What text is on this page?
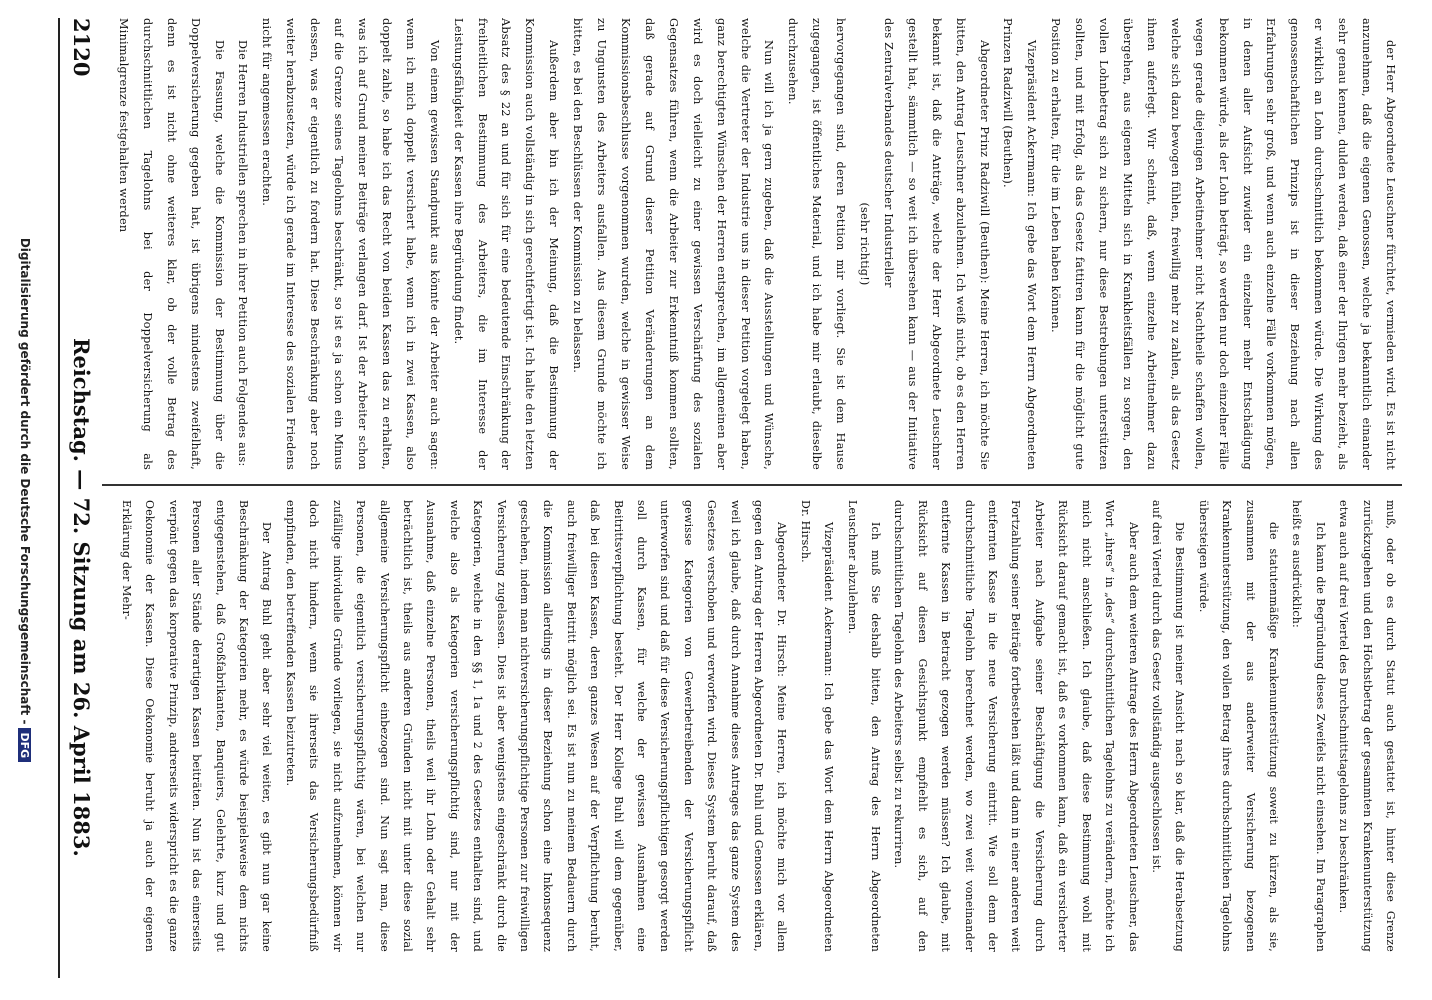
der Herr Abgeordnete Leuschner fürchtet, vermieden wird. Es ist nicht anzunehmen, daß die eigenen Genossen, welche ja bekanntlich einander sehr genau kennen, dulden werden, daß einer der Ihrigen mehr bezieht, als er wirklich an Lohn durchschnittlich bekommen würde. Die Wirkung des genossenschaftlichen Prinzips ist in dieser Beziehung nach allen Erfahrungen sehr groß, und wenn auch einzelne Fälle vorkommen mögen, in denen aller Aufsicht zuwider ein einzelner mehr Entschädigung bekommen würde, als der Lohn beträgt, so werden nur doch einzelner Fälle wegen gerade diejenigen Arbeitnehmer nicht Nachtheile schaffen wollen, welche sich dazu bewogen fühlen, freiwillig mehr zu zahlen, als das Gesetz ihnen auferlegt. Wir scheint, daß, wenn einzelne Arbeitnehmer dazu übergehen, aus eigenen Mitteln sich in Krankheitsfällen zu sorgen, den vollen Lohnbetrag sich zu sichern, nur diese Bestrebungen unterstützen sollten, und mit Erfolg, als das Gesetz fattiren kann für die möglicht gute Position zu erhalten, für die im Leben haben können.

Vizepräsident Ackermann: Ich gebe das Wort dem Herrn Abgeordneten Prinzen Radziwill (Beuthen).

Abgeordneter Prinz Radziwill (Beuthen): Meine Herren, ich möchte Sie bitten, den Antrag Leuschner abzulehnen. Ich weiß nicht, ob es den Herren bekannt ist, daß die Anträge, welche der Herr Abgeordnete Leuschner gestellt hat, sämmtlich — so weit ich übersehen kann — aus der Initiative des Zentralverbandes deutscher Industrieller

(sehr richtig!)

hervorgegangen sind, deren Petition mir vorliegt. Sie ist dem Hause zugegangen, ist öffentliches Material, und ich habe mir erlaubt, dieselbe durchzusehen.

Nun will ich ja gern zugeben, daß die Ausstellungen und Wünsche, welche die Vertreter der Industrie uns in dieser Petition vorgelegt haben, ganz berechtigten Wünschen der Herren entsprechen, im allgemeinen aber wird es doch vielleicht zu einer gewissen Verschärfung des sozialen Gegensatzes führen, wenn die Arbeiter zur Erkenntniß kommen sollten, daß gerade auf Grund dieser Petition Veränderungen an dem Kommissionsbeschlusse vorgenommen wurden, welche in gewisser Weise zu Ungunsten des Arbeiters ausfallen. Aus diesem Grunde möchte ich bitten, es bei den Beschlüssen der Kommission zu belassen.

Außerdem aber bin ich der Meinung, daß die Bestimmung der Kommission auch vollständig in sich gerechtfertigt ist. Ich halte den letzten Absatz des § 22 an und für sich für eine bedeutende Einschränkung der freiheitlichen Bestimmung des Arbeiters, die im Interesse der Leistungsfähigkeit der Kassen ihre Begründung findet.

Von einem gewissen Standpunkt aus könnte der Arbeiter auch sagen: wenn ich mich doppelt versichert habe, wenn ich in zwei Kassen, also doppelt zahle, so habe ich das Recht von beiden Kassen das zu erhalten, was ich auf Grund meiner Beiträge verlangen darf. Ist der Arbeiter schon auf die Grenze seines Tagelohns beschränkt, so ist es ja schon ein Minus dessen, was er eigentlich zu fordern hat. Diese Beschränkung aber noch weiter herabzusetzen, würde ich gerade im Interesse des sozialen Friedens nicht für angemessen erachten.

Die Herren Industriellen sprechen in ihrer Petition auch Folgendes aus:

Die Fassung, welche die Kommission der Bestimmung über die Doppelversicherung gegeben hat, ist übrigens mindestens zweifelhaft, denn es ist nicht ohne weiteres klar, ob der volle Betrag des durchschnittlichen Tagelohns bei der Doppelversicherung als Minimalgrenze festgehalten werden

muß, oder ob es durch Statut auch gestattet ist, hinter diese Grenze zurückzugehen und den Höchstbetrag der gesammten Krankenunterstützung etwa auch auf drei Viertel des Durchschnittstagelohns zu beschränken.

Ich kann die Begründung dieses Zweifels nicht einsehen. Im Paragraphen heißt es ausdrücklich:

die statutenmäßige Krankenunterstützung soweit zu kürzen, als sie, zusammen mit der aus anderweiter Versicherung bezogenen Krankenunterstützung, den vollen Betrag ihres durchschnittlichen Tagelohns übersteigen würde.

Die Bestimmung ist meiner Ansicht nach so klar, daß die Herabsetzung auf drei Viertel durch das Gesetz vollständig ausgeschlossen ist.

Aber auch dem weiteren Antrage des Herrn Abgeordneten Leuschner, das Wort „ihres“ in „des“ durchschnittlichen Tagelohns zu verändern, möchte ich mich nicht anschließen. Ich glaube, daß diese Bestimmung wohl mit Rücksicht darauf gemacht ist, daß es vorkommen kann, daß ein versicherter Arbeiter nach Aufgabe seiner Beschäftigung die Versicherung durch Fortzahlung seiner Beiträge fortbestehen läßt und dann in einer anderen weit entfernten Kasse in die neue Versicherung eintritt. Wie soll denn der durchschnittliche Tagelohn berechnet werden, wo zwei weit voneinander entfernte Kassen in Betracht gezogen werden müssen? Ich glaube, mit Rücksicht auf diesen Gesichtspunkt empfiehlt es sich, auf den durchschnittlichen Tagelohn des Arbeiters selbst zu rekurriren.

Ich muß Sie deshalb bitten, den Antrag des Herrn Abgeordneten Leuschner abzulehnen.

Vizepräsident Ackermann: Ich gebe das Wort dem Herrn Abgeordneten Dr. Hirsch.

Abgeordneter Dr. Hirsch: Meine Herren, ich möchte mich vor allem gegen den Antrag der Herren Abgeordneten Dr. Buhl und Genossen erklären, weil ich glaube, daß durch Annahme dieses Antrages das ganze System des Gesetzes verschoben und verworfen wird. Dieses System beruht darauf, daß gewisse Kategorien von Gewerbetreibenden der Versicherungspflicht unterworfen sind und daß für diese Versicherungspflichtigen gesorgt werden soll durch Kassen, für welche der gewissen Ausnahmen eine Beitrittsverpflichtung besteht. Der Herr Kollege Buhl will dem gegenüber, daß bei diesen Kassen, deren ganzes Wesen auf der Verpflichtung beruht, auch freiwilliger Beitritt möglich sei. Es ist nun zu meinem Bedauern durch die Kommission allerdings in dieser Beziehung schon eine Inkonsequenz geschehen, indem man nichtversicherungspflichtige Personen zur freiwilligen Versicherung zugelassen. Dies ist aber wenigstens eingeschränkt durch die Kategorien, welche in den §§ 1, 1a und 2 des Gesetzes enthalten sind, und welche also als Kategorien versicherungspflichtig sind, nur mit der Ausnahme, daß einzelne Personen, theils weil ihr Lohn oder Gehalt sehr beträchtlich ist, theils aus anderen Gründen nicht mit unter diese sozial allgemeine Versicherungspflicht einbezogen sind. Nun sagt man, diese Personen, die eigentlich versicherungspflichtig wären, bei welchen nur zufällige individuelle Gründe vorliegen, sie nicht aufzunehmen, können wir doch nicht hindern, wenn sie ihrerseits das Versicherungsbedürfniß empfinden, den betreffenden Kassen beizutreten.

Der Antrag Buhl geht aber sehr viel weiter, es gibt nun gar keine Beschränkung der Kategorien mehr, es würde beispielsweise dem nichts entgegenstehen, daß Großfabrikanten, Banquiers, Gelehrte, kurz und gut Personen aller Stände derartigen Kassen beiträten. Nun ist das einerseits verpönt gegen das korporative Prinzip, andrerseits widerspricht es die ganze Oekonomie der Kassen. Diese Oekonomie beruht ja auch der eigenen Erklärung der Mehr-

2120
Reichstag. — 72. Sitzung am 26. April 1883.
Digitalisierung gefördert durch die Deutsche Forschungsgemeinschaft -DFG
